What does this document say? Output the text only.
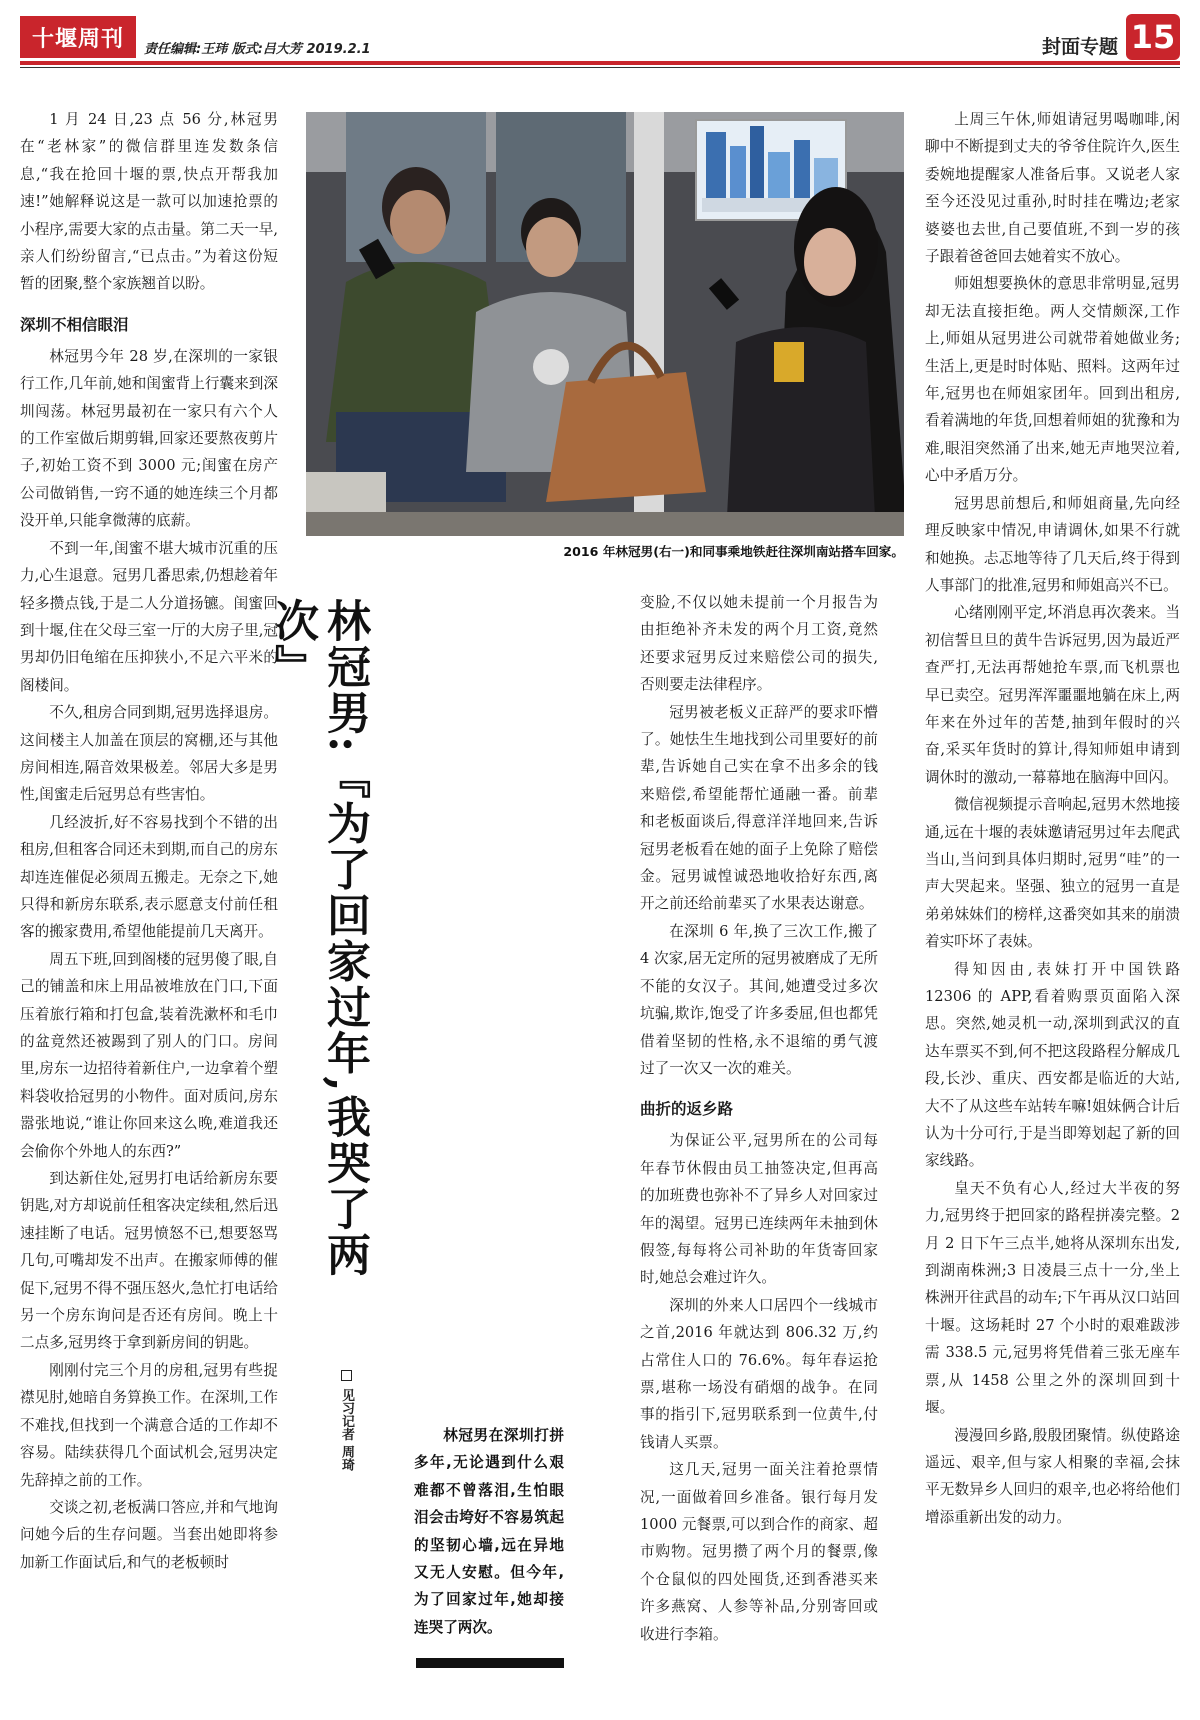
十堰周刊 责任编辑:王玮 版式:吕大芳 2019.2.1	封面专题 15

1 月 24 日,23 点 56 分,林冠男在“老林家”的微信群里连发数条信息,“我在抢回十堰的票,快点开帮我加速!”她解释说这是一款可以加速抢票的小程序,需要大家的点击量。第二天一早,亲人们纷纷留言,“已点击。”为着这份短暂的团聚,整个家族翘首以盼。

深圳不相信眼泪

林冠男今年 28 岁,在深圳的一家银行工作,几年前,她和闺蜜背上行囊来到深圳闯荡。林冠男最初在一家只有六个人的工作室做后期剪辑,回家还要熬夜剪片子,初始工资不到 3000 元;闺蜜在房产公司做销售,一窍不通的她连续三个月都没开单,只能拿微薄的底薪。

不到一年,闺蜜不堪大城市沉重的压力,心生退意。冠男几番思索,仍想趁着年轻多攒点钱,于是二人分道扬镳。闺蜜回到十堰,住在父母三室一厅的大房子里,冠男却仍旧龟缩在压抑狭小,不足六平米的阁楼间。

不久,租房合同到期,冠男选择退房。这间楼主人加盖在顶层的窝棚,还与其他房间相连,隔音效果极差。邻居大多是男性,闺蜜走后冠男总有些害怕。

几经波折,好不容易找到个不错的出租房,但租客合同还未到期,而自己的房东却连连催促必须周五搬走。无奈之下,她只得和新房东联系,表示愿意支付前任租客的搬家费用,希望他能提前几天离开。

周五下班,回到阁楼的冠男傻了眼,自己的铺盖和床上用品被堆放在门口,下面压着旅行箱和打包盒,装着洗漱杯和毛巾的盆竟然还被踢到了别人的门口。房间里,房东一边招待着新住户,一边拿着个塑料袋收拾冠男的小物件。面对质问,房东嚣张地说,“谁让你回来这么晚,难道我还会偷你个外地人的东西?”

到达新住处,冠男打电话给新房东要钥匙,对方却说前任租客决定续租,然后迅速挂断了电话。冠男愤怒不已,想要怒骂几句,可嘴却发不出声。在搬家师傅的催促下,冠男不得不强压怒火,急忙打电话给另一个房东询问是否还有房间。晚上十二点多,冠男终于拿到新房间的钥匙。

刚刚付完三个月的房租,冠男有些捉襟见肘,她暗自务算换工作。在深圳,工作不难找,但找到一个满意合适的工作却不容易。陆续获得几个面试机会,冠男决定先辞掉之前的工作。

交谈之初,老板满口答应,并和气地询问她今后的生存问题。当套出她即将参加新工作面试后,和气的老板顿时

2016 年林冠男(右一)和同事乘地铁赶往深圳南站搭车回家。
林冠男:『为了回家过年,我哭了两次』
见习记者 周琦	林冠男在深圳打拼多年,无论遇到什么艰难都不曾落泪,生怕眼泪会击垮好不容易筑起的坚韧心墙,远在异地又无人安慰。但今年,为了回家过年,她却接连哭了两次。

变脸,不仅以她未提前一个月报告为由拒绝补齐未发的两个月工资,竟然还要求冠男反过来赔偿公司的损失,否则要走法律程序。

冠男被老板义正辞严的要求吓懵了。她怯生生地找到公司里要好的前辈,告诉她自己实在拿不出多余的钱来赔偿,希望能帮忙通融一番。前辈和老板面谈后,得意洋洋地回来,告诉冠男老板看在她的面子上免除了赔偿金。冠男诚惶诚恐地收拾好东西,离开之前还给前辈买了水果表达谢意。

在深圳 6 年,换了三次工作,搬了 4 次家,居无定所的冠男被磨成了无所不能的女汉子。其间,她遭受过多次坑骗,欺诈,饱受了许多委屈,但也都凭借着坚韧的性格,永不退缩的勇气渡过了一次又一次的难关。

曲折的返乡路

为保证公平,冠男所在的公司每年春节休假由员工抽签决定,但再高的加班费也弥补不了异乡人对回家过年的渴望。冠男已连续两年未抽到休假签,每每将公司补助的年货寄回家时,她总会难过许久。

深圳的外来人口居四个一线城市之首,2016 年就达到 806.32 万,约占常住人口的 76.6%。每年春运抢票,堪称一场没有硝烟的战争。在同事的指引下,冠男联系到一位黄牛,付钱请人买票。

这几天,冠男一面关注着抢票情况,一面做着回乡准备。银行每月发 1000 元餐票,可以到合作的商家、超市购物。冠男攒了两个月的餐票,像个仓鼠似的四处囤货,还到香港买来许多燕窝、人参等补品,分别寄回或收进行李箱。

上周三午休,师姐请冠男喝咖啡,闲聊中不断提到丈夫的爷爷住院许久,医生委婉地提醒家人准备后事。又说老人家至今还没见过重孙,时时挂在嘴边;老家婆婆也去世,自己要值班,不到一岁的孩子跟着爸爸回去她着实不放心。

师姐想要换休的意思非常明显,冠男却无法直接拒绝。两人交情颇深,工作上,师姐从冠男进公司就带着她做业务;生活上,更是时时体贴、照料。这两年过年,冠男也在师姐家团年。回到出租房,看着满地的年货,回想着师姐的犹豫和为难,眼泪突然涌了出来,她无声地哭泣着,心中矛盾万分。

冠男思前想后,和师姐商量,先向经理反映家中情况,申请调休,如果不行就和她换。忐忑地等待了几天后,终于得到人事部门的批准,冠男和师姐高兴不已。

心绪刚刚平定,坏消息再次袭来。当初信誓旦旦的黄牛告诉冠男,因为最近严查严打,无法再帮她抢车票,而飞机票也早已卖空。冠男浑浑噩噩地躺在床上,两年来在外过年的苦楚,抽到年假时的兴奋,采买年货时的算计,得知师姐申请到调休时的激动,一幕幕地在脑海中回闪。

微信视频提示音响起,冠男木然地接通,远在十堰的表妹邀请冠男过年去爬武当山,当问到具体归期时,冠男“哇”的一声大哭起来。坚强、独立的冠男一直是弟弟妹妹们的榜样,这番突如其来的崩溃着实吓坏了表妹。

得知因由,表妹打开中国铁路 12306 的 APP,看着购票页面陷入深思。突然,她灵机一动,深圳到武汉的直达车票买不到,何不把这段路程分解成几段,长沙、重庆、西安都是临近的大站,大不了从这些车站转车嘛!姐妹俩合计后认为十分可行,于是当即筹划起了新的回家线路。

皇天不负有心人,经过大半夜的努力,冠男终于把回家的路程拼凑完整。2 月 2 日下午三点半,她将从深圳东出发,到湖南株洲;3 日凌晨三点十一分,坐上株洲开往武昌的动车;下午再从汉口站回十堰。这场耗时 27 个小时的艰难跋涉需 338.5 元,冠男将凭借着三张无座车票,从 1458 公里之外的深圳回到十堰。

漫漫回乡路,殷殷团聚情。纵使路途遥远、艰辛,但与家人相聚的幸福,会抹平无数异乡人回归的艰辛,也必将给他们增添重新出发的动力。
